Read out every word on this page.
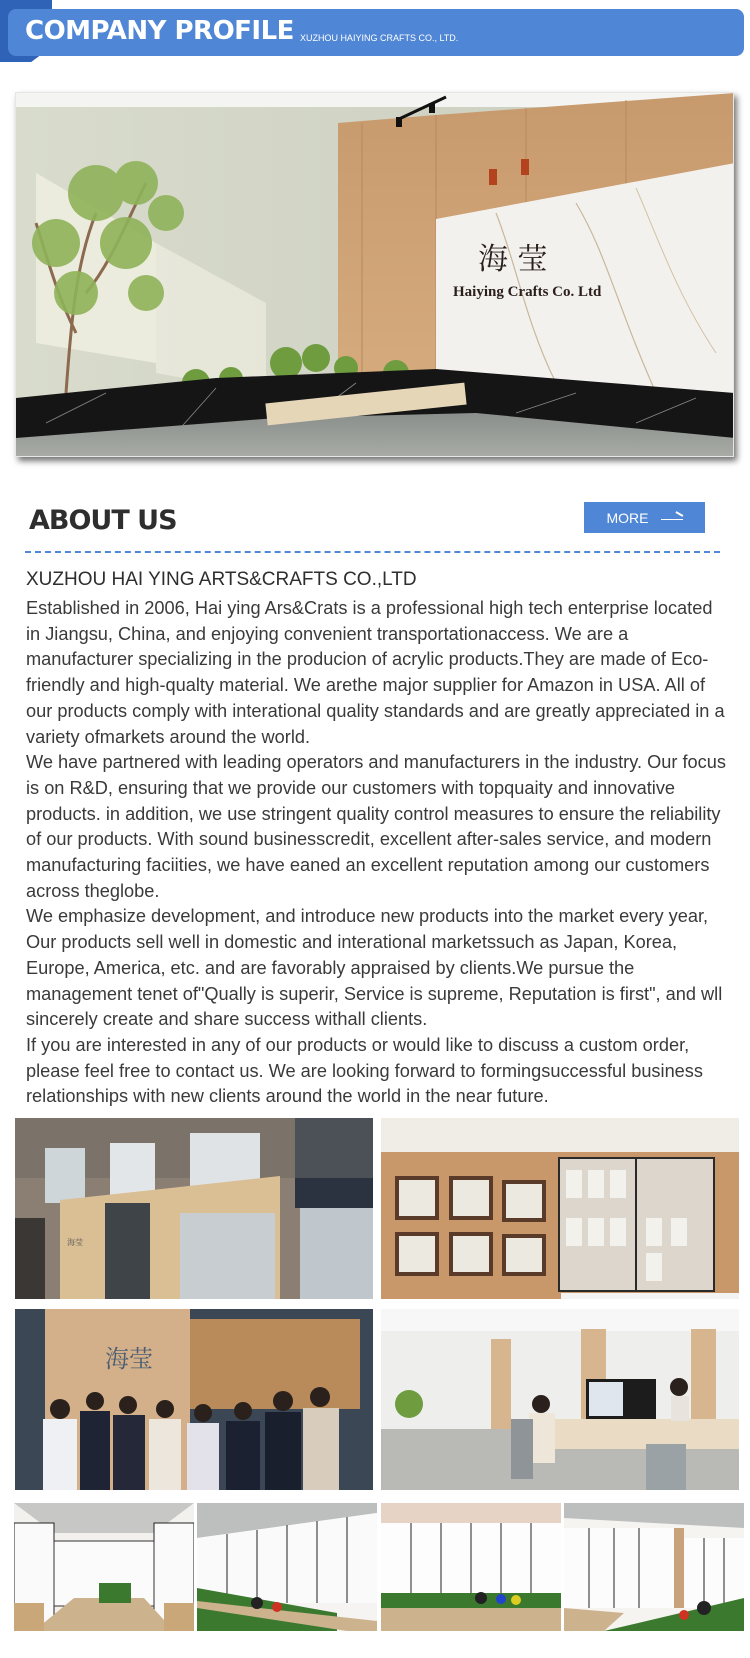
COMPANY PROFILE XUZHOU HAIYING CRAFTS CO., LTD.
海 莹
Haiying Crafts Co. Ltd
ABOUT US	MORE
XUZHOU HAI YING ARTS&CRAFTS CO.,LTD

Established in 2006, Hai ying Ars&Crats is a professional high tech enterprise located in Jiangsu, China, and enjoying convenient transportationaccess. We are a manufacturer specializing in the producion of acrylic products.They are made of Eco-friendly and high-qualty material. We arethe major supplier for Amazon in USA. All of our products comply with interational quality standards and are greatly appreciated in a variety ofmarkets around the world.

We have partnered with leading operators and manufacturers in the industry. Our focus is on R&D, ensuring that we provide our customers with topquaity and innovative products. in addition, we use stringent quality control measures to ensure the reliability of our products. With sound businesscredit, excellent after-sales service, and modern manufacturing faciities, we have eaned an excellent reputation among our customers across theglobe.

We emphasize development, and introduce new products into the market every year, Our products sell well in domestic and interational marketssuch as Japan, Korea, Europe, America, etc. and are favorably appraised by clients.We pursue the management tenet of"Qually is superir, Service is supreme, Reputation is first", and wll sincerely create and share success withall clients.

If you are interested in any of our products or would like to discuss a custom order, please feel free to contact us. We are looking forward to formingsuccessful business relationships with new clients around the world in the near future.

海莹
海莹
